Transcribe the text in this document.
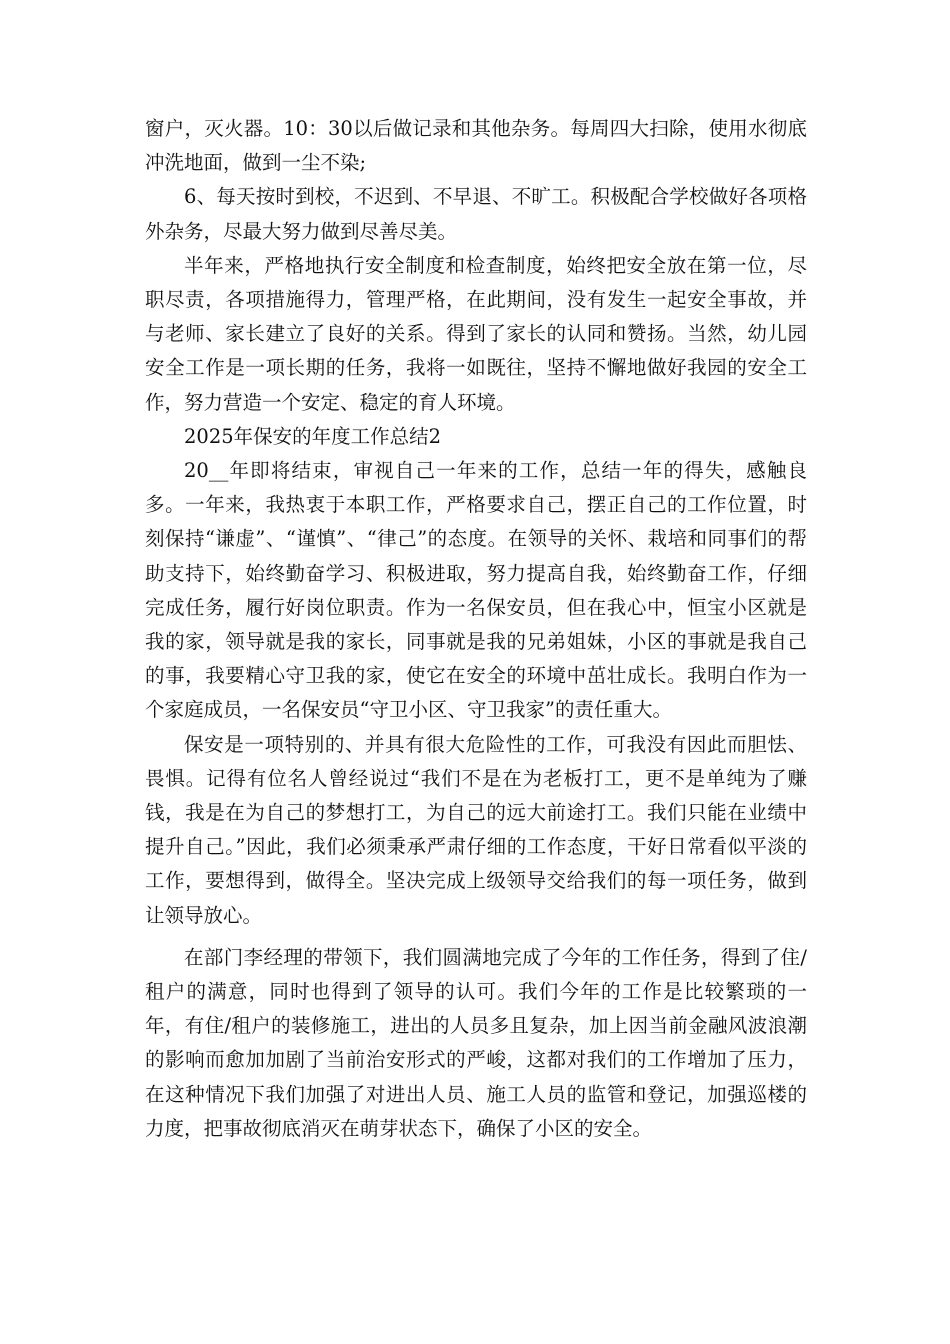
窗户，灭火器。10：30以后做记录和其他杂务。每周四大扫除，使用水彻底冲洗地面，做到一尘不染;

6、每天按时到校，不迟到、不早退、不旷工。积极配合学校做好各项格外杂务，尽最大努力做到尽善尽美。

半年来，严格地执行安全制度和检查制度，始终把安全放在第一位，尽职尽责，各项措施得力，管理严格，在此期间，没有发生一起安全事故，并与老师、家长建立了良好的关系。得到了家长的认同和赞扬。当然，幼儿园安全工作是一项长期的任务，我将一如既往，坚持不懈地做好我园的安全工作，努力营造一个安定、稳定的育人环境。

2025年保安的年度工作总结2

20__年即将结束，审视自己一年来的工作，总结一年的得失，感触良多。一年来，我热衷于本职工作，严格要求自己，摆正自己的工作位置，时刻保持“谦虚”、“谨慎”、“律己”的态度。在领导的关怀、栽培和同事们的帮助支持下，始终勤奋学习、积极进取，努力提高自我，始终勤奋工作，仔细完成任务，履行好岗位职责。作为一名保安员，但在我心中，恒宝小区就是我的家，领导就是我的家长，同事就是我的兄弟姐妹，小区的事就是我自己的事，我要精心守卫我的家，使它在安全的环境中茁壮成长。我明白作为一个家庭成员，一名保安员“守卫小区、守卫我家”的责任重大。

保安是一项特别的、并具有很大危险性的工作，可我没有因此而胆怯、畏惧。记得有位名人曾经说过“我们不是在为老板打工，更不是单纯为了赚钱，我是在为自己的梦想打工，为自己的远大前途打工。我们只能在业绩中提升自己。”因此，我们必须秉承严肃仔细的工作态度，干好日常看似平淡的工作，要想得到，做得全。坚决完成上级领导交给我们的每一项任务，做到让领导放心。

在部门李经理的带领下，我们圆满地完成了今年的工作任务，得到了住/租户的满意，同时也得到了领导的认可。我们今年的工作是比较繁琐的一年，有住/租户的装修施工，进出的人员多且复杂，加上因当前金融风波浪潮的影响而愈加加剧了当前治安形式的严峻，这都对我们的工作增加了压力，在这种情况下我们加强了对进出人员、施工人员的监管和登记，加强巡楼的力度，把事故彻底消灭在萌芽状态下，确保了小区的安全。
